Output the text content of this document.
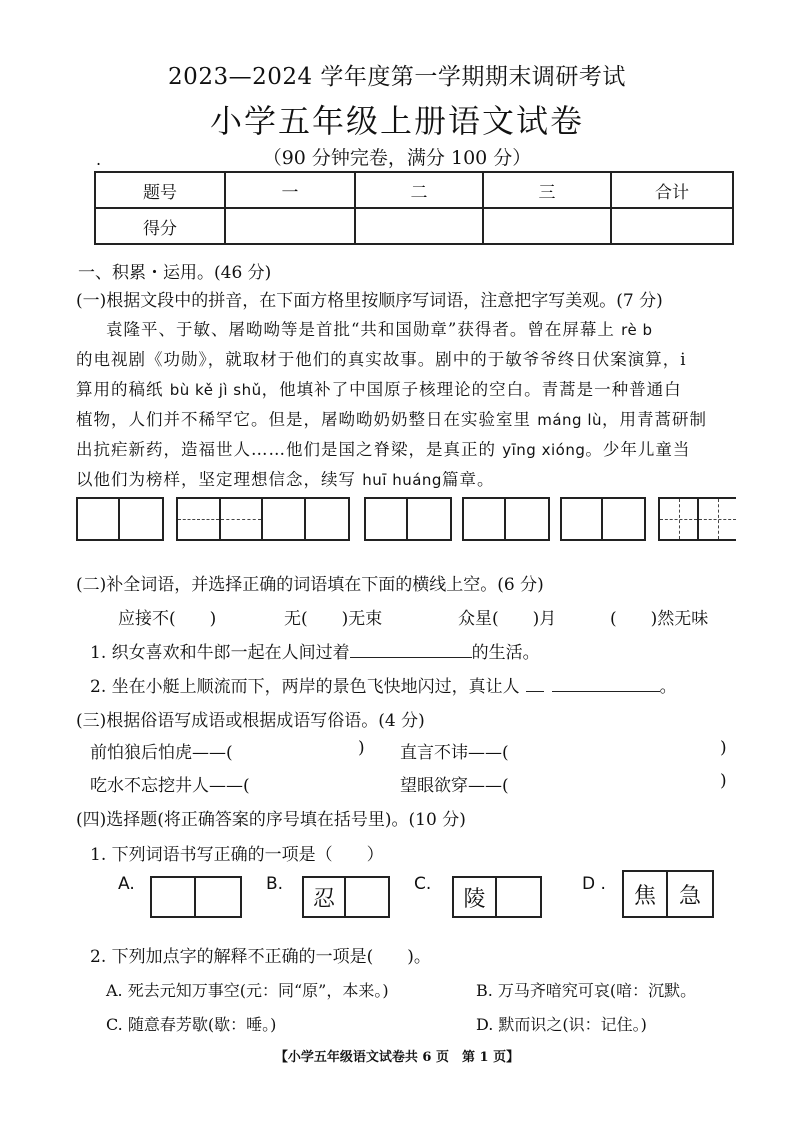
2023—2024 学年度第一学期期末调研考试
小学五年级上册语文试卷
.	（90 分钟完卷，满分 100 分）
题号	一	二	三	合计
得分				
一、积累・运用。(46 分)
(一)根据文段中的拼音，在下面方格里按顺序写词语，注意把字写美观。(7 分)
袁隆平、于敏、屠呦呦等是首批“共和国勋章”获得者。曾在屏幕上 rè b
的电视剧《功勋》，就取材于他们的真实故事。剧中的于敏爷爷终日伏案演算，i
算用的稿纸 bù kě jì shǔ，他填补了中国原子核理论的空白。青蒿是一种普通白
植物，人们并不稀罕它。但是，屠呦呦奶奶整日在实验室里 máng lù，用青蒿研制
出抗疟新药，造福世人……他们是国之脊梁，是真正的 yīng xióng。少年儿童当
以他们为榜样，坚定理想信念，续写 huī huáng篇章。
(二)补全词语，并选择正确的词语填在下面的横线上空。(6 分)
应接不(　　)	无(　　)无束	众星(　　)月	(　　)然无味
1. 织女喜欢和牛郎一起在人间过着	的生活。
2. 坐在小艇上顺流而下，两岸的景色飞快地闪过，真让人	。
(三)根据俗语写成语或根据成语写俗语。(4 分)
前怕狼后怕虎——(	) 直言不讳——(	)
吃水不忘挖井人——(	望眼欲穿——(	)
(四)选择题(将正确答案的序号填在括号里)。(10 分)
1. 下列词语书写正确的一项是（　　）
A.	B.
忍
C.
陵
D .	焦	急
2. 下列加点字的解释不正确的一项是(　　)。
A. 死去元知万事空(元：同“原”，本来。)	B. 万马齐喑究可哀(喑：沉默。
C. 随意春芳歇(歇：唾。)	D. 默而识之(识：记住。)
【小学五年级语文试卷共 6 页　第 1 页】
